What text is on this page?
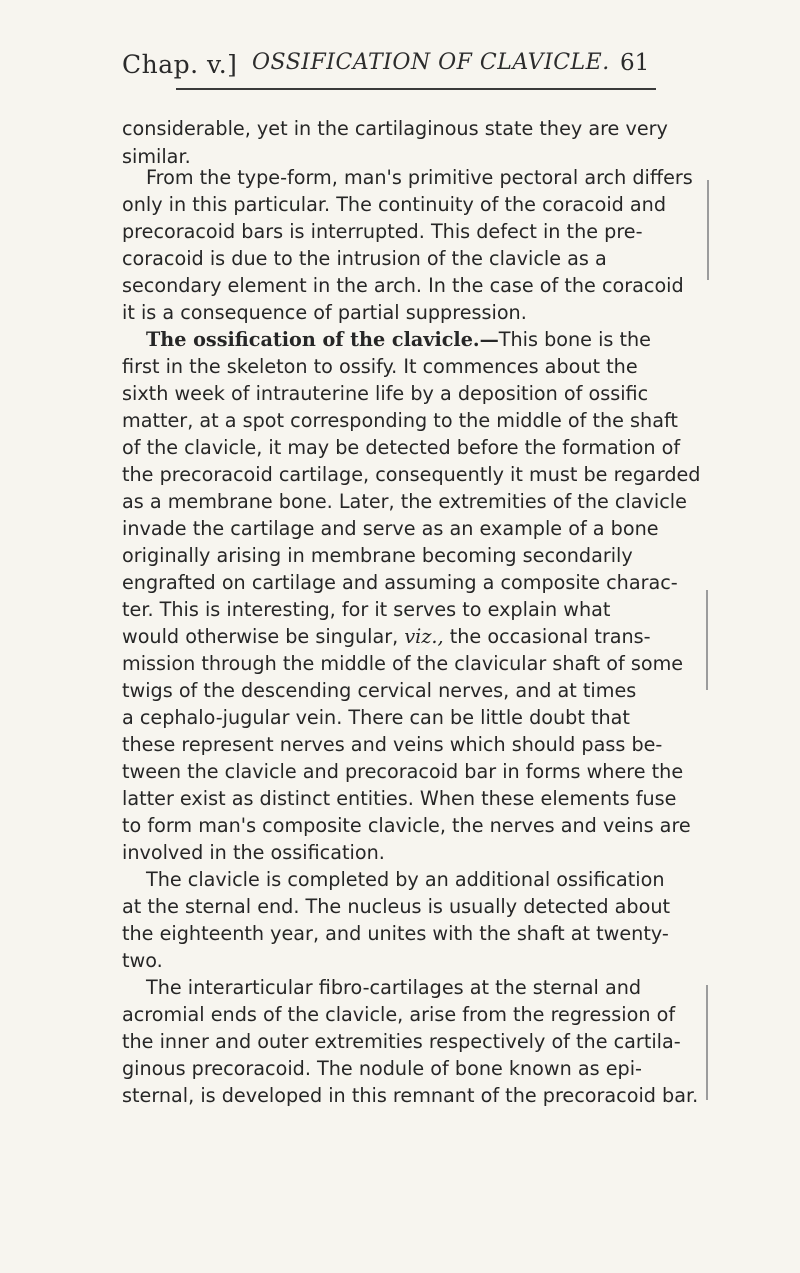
Chap. v.] OSSIFICATION OF CLAVICLE. 61
considerable, yet in the cartilaginous state they are very
similar.
From the type-form, man's primitive pectoral arch differs
only in this particular. The continuity of the coracoid and
precoracoid bars is interrupted. This defect in the pre-
coracoid is due to the intrusion of the clavicle as a
secondary element in the arch. In the case of the coracoid
it is a consequence of partial suppression.
The ossification of the clavicle.—This bone is the
first in the skeleton to ossify. It commences about the
sixth week of intrauterine life by a deposition of ossific
matter, at a spot corresponding to the middle of the shaft
of the clavicle, it may be detected before the formation of
the precoracoid cartilage, consequently it must be regarded
as a membrane bone. Later, the extremities of the clavicle
invade the cartilage and serve as an example of a bone
originally arising in membrane becoming secondarily
engrafted on cartilage and assuming a composite charac-
ter. This is interesting, for it serves to explain what
would otherwise be singular, viz., the occasional trans-
mission through the middle of the clavicular shaft of some
twigs of the descending cervical nerves, and at times
a cephalo-jugular vein. There can be little doubt that
these represent nerves and veins which should pass be-
tween the clavicle and precoracoid bar in forms where the
latter exist as distinct entities. When these elements fuse
to form man's composite clavicle, the nerves and veins are
involved in the ossification.
The clavicle is completed by an additional ossification
at the sternal end. The nucleus is usually detected about
the eighteenth year, and unites with the shaft at twenty-
two.
The interarticular fibro-cartilages at the sternal and
acromial ends of the clavicle, arise from the regression of
the inner and outer extremities respectively of the cartila-
ginous precoracoid. The nodule of bone known as epi-
sternal, is developed in this remnant of the precoracoid bar.
